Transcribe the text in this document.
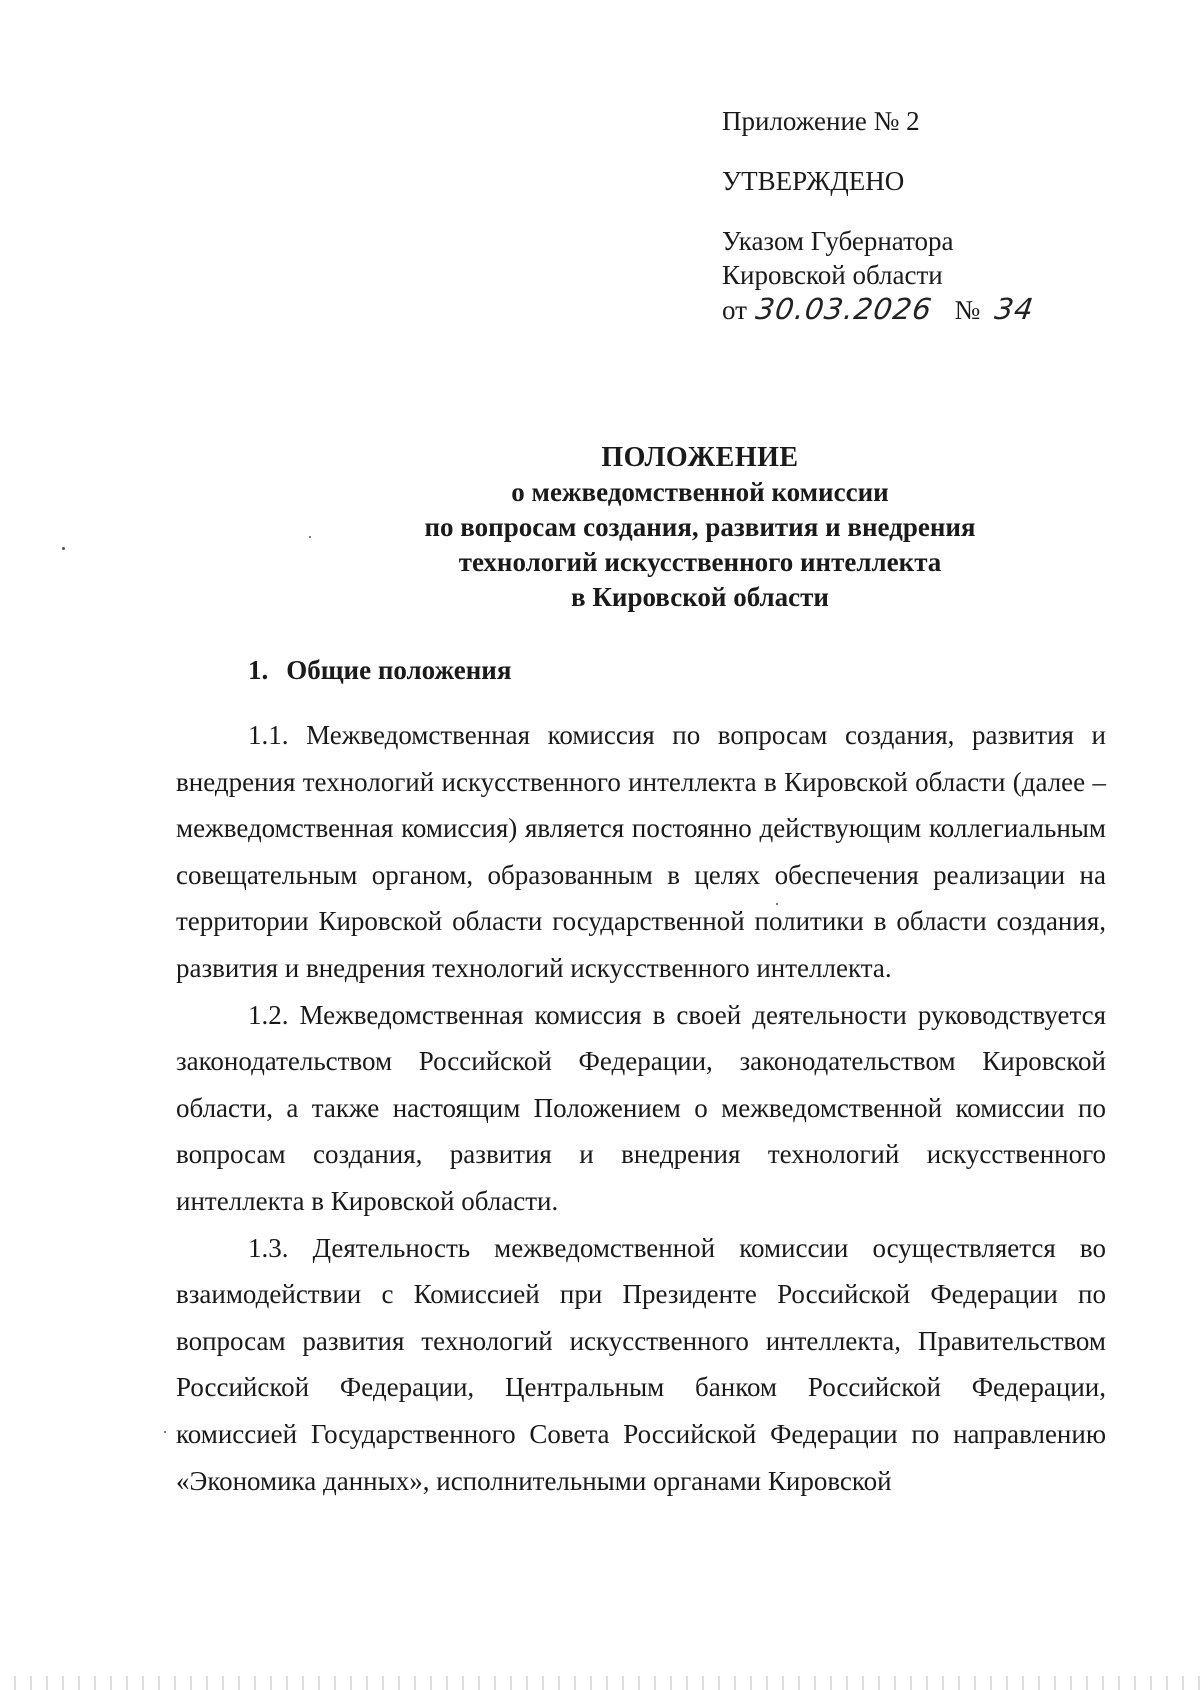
Приложение № 2
УТВЕРЖДЕНО
Указом Губернатора
Кировской области
от 30.03.2026 № 34
ПОЛОЖЕНИЕ
о межведомственной комиссии
по вопросам создания, развития и внедрения
технологий искусственного интеллекта
в Кировской области
1. Общие положения

1.1. Межведомственная комиссия по вопросам создания, развития и внедрения технологий искусственного интеллекта в Кировской области (далее – межведомственная комиссия) является постоянно действующим коллегиальным совещательным органом, образованным в целях обеспечения реализации на территории Кировской области государственной политики в области создания, развития и внедрения технологий искусственного интеллекта.

1.2. Межведомственная комиссия в своей деятельности руководствуется законодательством Российской Федерации, законодательством Кировской области, а также настоящим Положением о межведомственной комиссии по вопросам создания, развития и внедрения технологий искусственного интеллекта в Кировской области.

1.3. Деятельность межведомственной комиссии осуществляется во взаимодействии с Комиссией при Президенте Российской Федерации по вопросам развития технологий искусственного интеллекта, Правительством Российской Федерации, Центральным банком Российской Федерации, комиссией Государственного Совета Российской Федерации по направлению «Экономика данных», исполнительными органами Кировской
